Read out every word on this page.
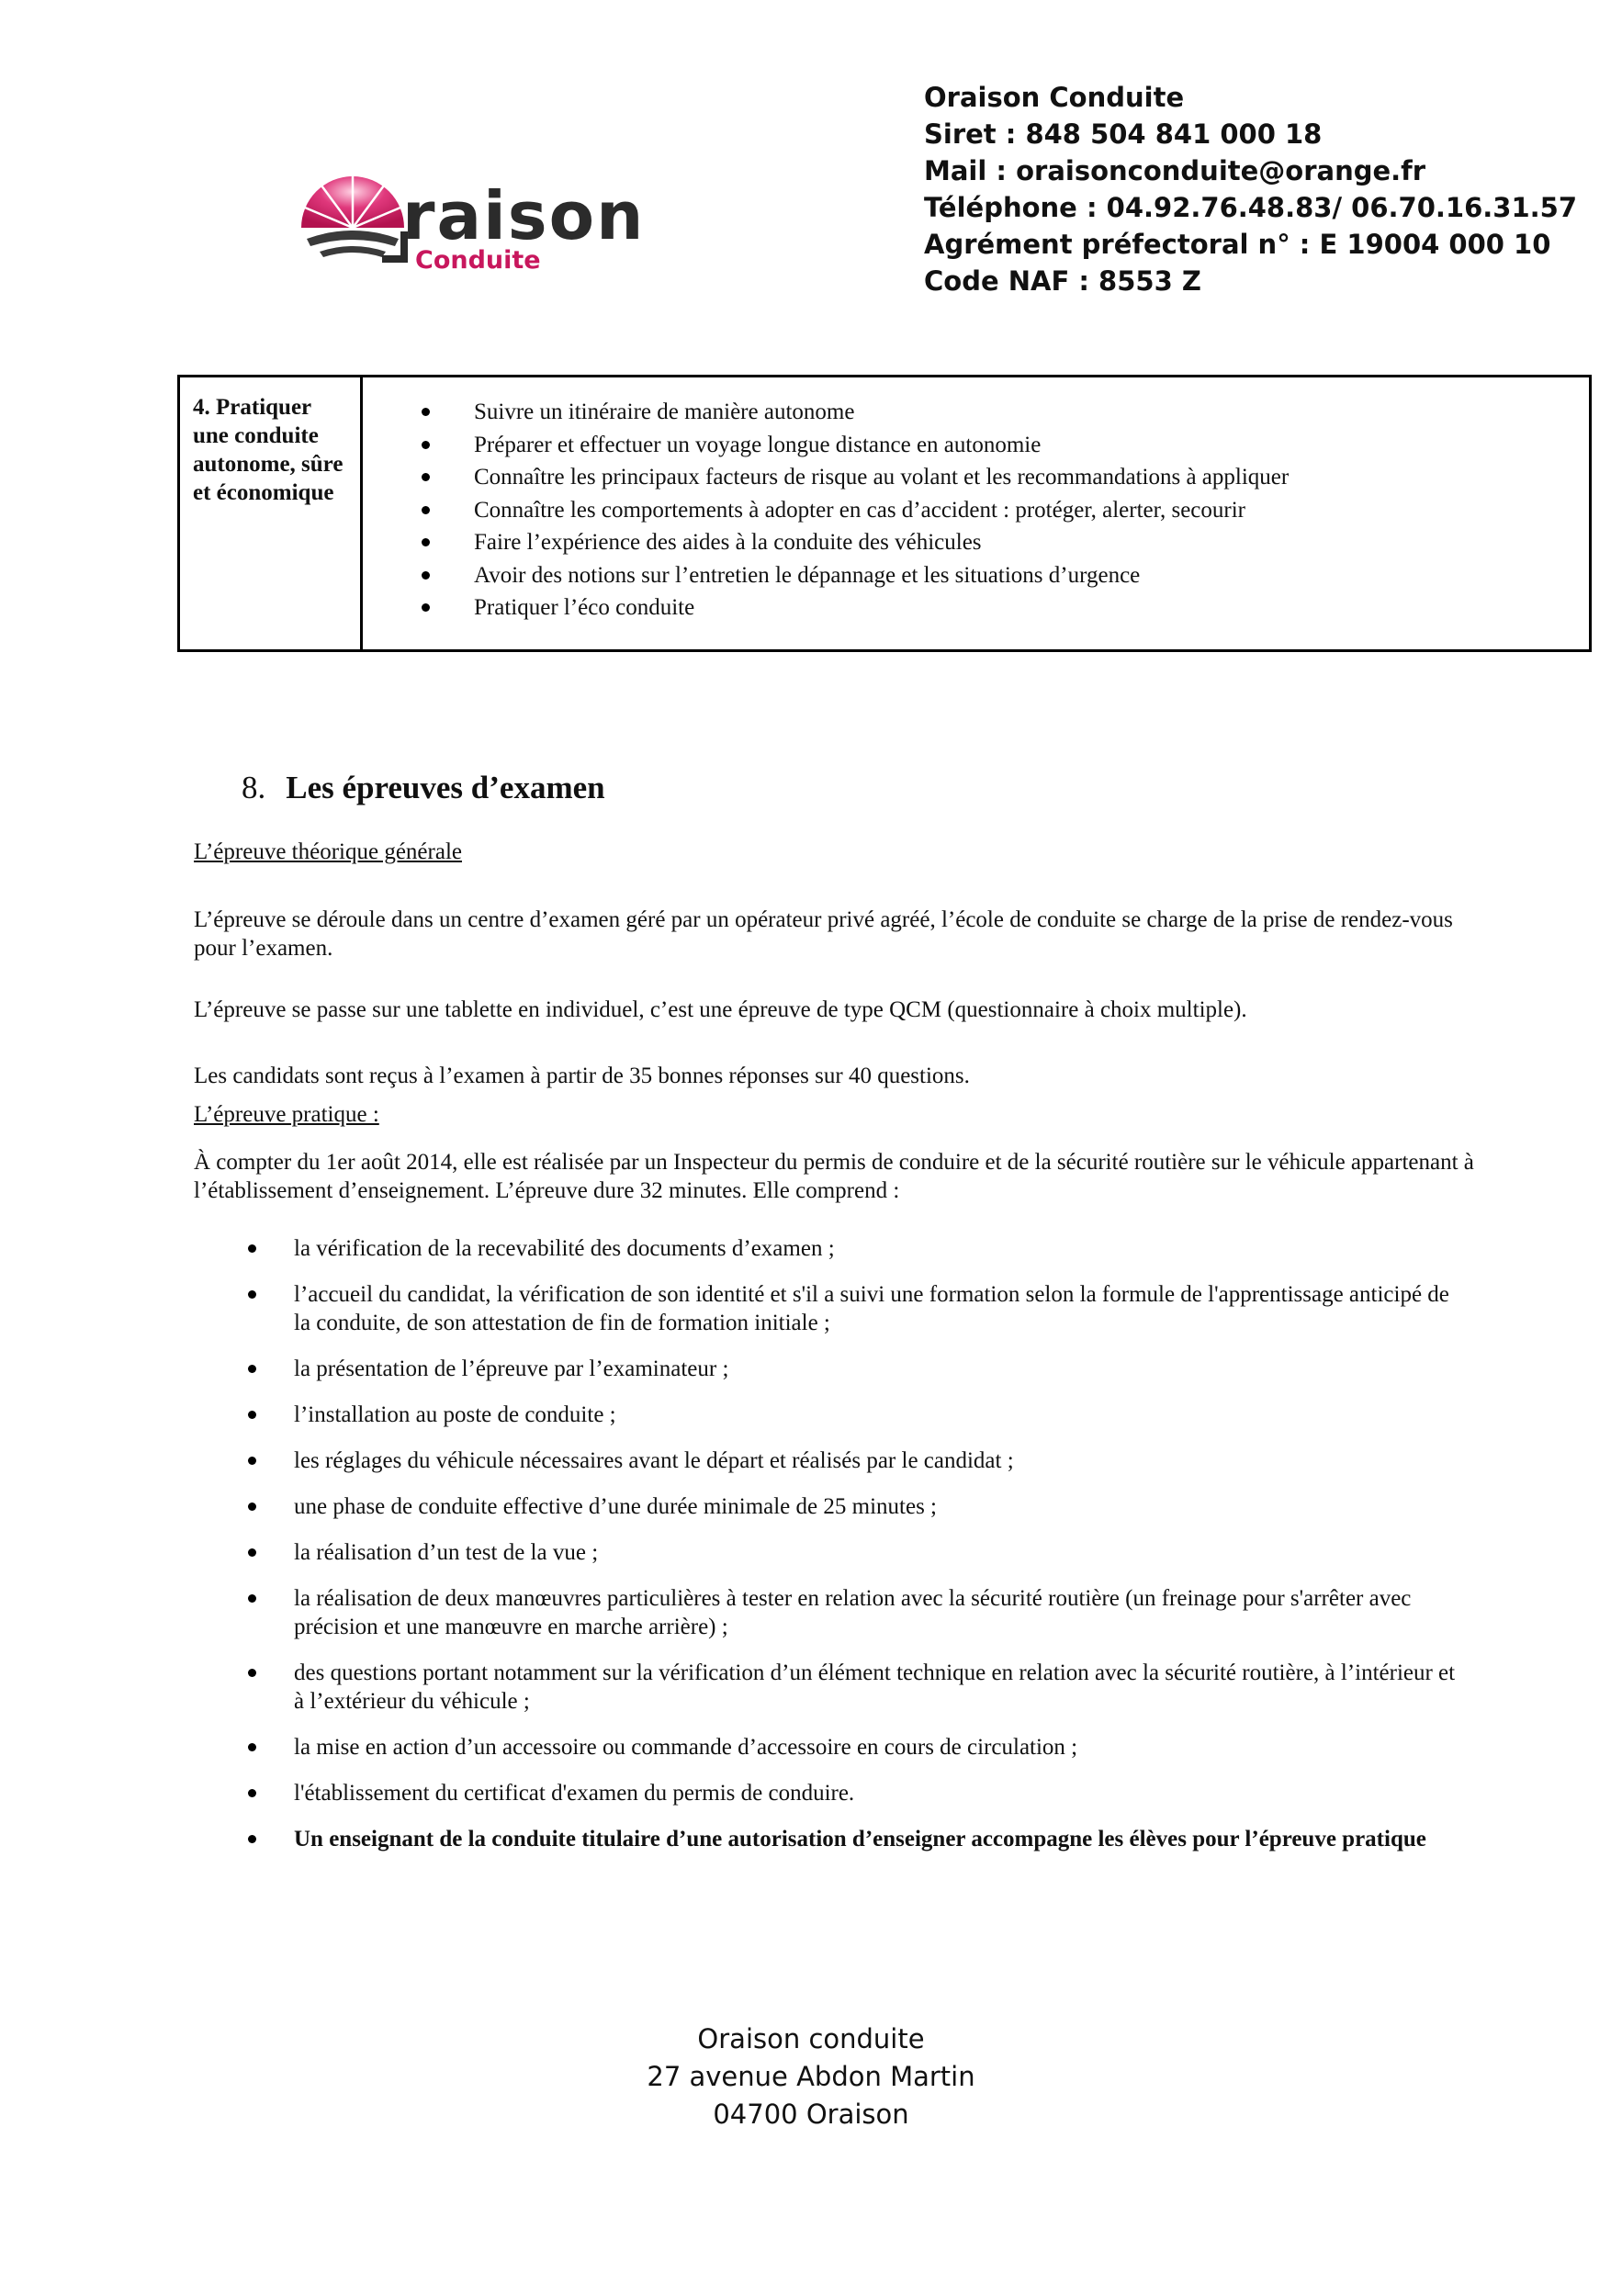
raison
Conduite
Oraison Conduite
Siret : 848 504 841 000 18
Mail : oraisonconduite@orange.fr
Téléphone : 04.92.76.48.83/ 06.70.16.31.57
Agrément préfectoral n° : E 19004 000 10
Code NAF : 8553 Z
4. Pratiquer une conduite autonome, sûre et économique
Suivre un itinéraire de manière autonome
Préparer et effectuer un voyage longue distance en autonomie
Connaître les principaux facteurs de risque au volant et les recommandations à appliquer
Connaître les comportements à adopter en cas d’accident : protéger, alerter, secourir
Faire l’expérience des aides à la conduite des véhicules
Avoir des notions sur l’entretien le dépannage et les situations d’urgence
Pratiquer l’éco conduite
8. Les épreuves d’examen
L’épreuve théorique générale
L’épreuve se déroule dans un centre d’examen géré par un opérateur privé agréé, l’école de conduite se charge de la prise de rendez-vous pour l’examen.
L’épreuve se passe sur une tablette en individuel, c’est une épreuve de type QCM (questionnaire à choix multiple).
Les candidats sont reçus à l’examen à partir de 35 bonnes réponses sur 40 questions.
L’épreuve pratique :
À compter du 1er août 2014, elle est réalisée par un Inspecteur du permis de conduire et de la sécurité routière sur le véhicule appartenant à l’établissement d’enseignement. L’épreuve dure 32 minutes. Elle comprend :
la vérification de la recevabilité des documents d’examen ;
l’accueil du candidat, la vérification de son identité et s'il a suivi une formation selon la formule de l'apprentissage anticipé de la conduite, de son attestation de fin de formation initiale ;
la présentation de l’épreuve par l’examinateur ;
l’installation au poste de conduite ;
les réglages du véhicule nécessaires avant le départ et réalisés par le candidat ;
une phase de conduite effective d’une durée minimale de 25 minutes ;
la réalisation d’un test de la vue ;
la réalisation de deux manœuvres particulières à tester en relation avec la sécurité routière (un freinage pour s'arrêter avec précision et une manœuvre en marche arrière) ;
des questions portant notamment sur la vérification d’un élément technique en relation avec la sécurité routière, à l’intérieur et à l’extérieur du véhicule ;
la mise en action d’un accessoire ou commande d’accessoire en cours de circulation ;
l'établissement du certificat d'examen du permis de conduire.
Un enseignant de la conduite titulaire d’une autorisation d’enseigner accompagne les élèves pour l’épreuve pratique
Oraison conduite
27 avenue Abdon Martin
04700 Oraison
